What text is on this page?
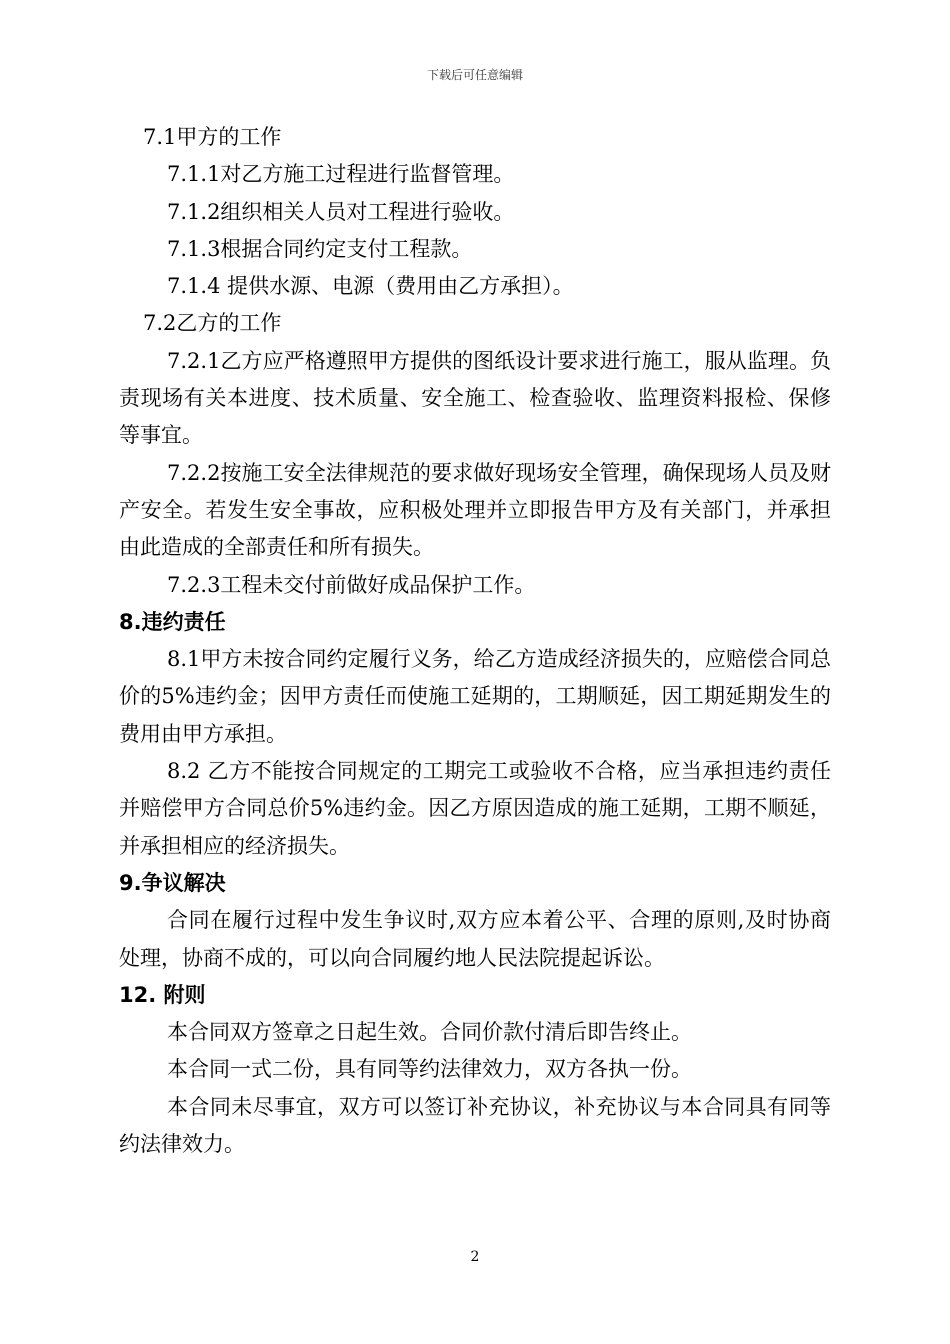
下载后可任意编辑

7.1甲方的工作

7.1.1对乙方施工过程进行监督管理。

7.1.2组织相关人员对工程进行验收。

7.1.3根据合同约定支付工程款。

7.1.4 提供水源、电源（费用由乙方承担）。

7.2乙方的工作

7.2.1乙方应严格遵照甲方提供的图纸设计要求进行施工，服从监理。负责现场有关本进度、技术质量、安全施工、检查验收、监理资料报检、保修等事宜。

7.2.2按施工安全法律规范的要求做好现场安全管理，确保现场人员及财产安全。若发生安全事故，应积极处理并立即报告甲方及有关部门，并承担由此造成的全部责任和所有损失。

7.2.3工程未交付前做好成品保护工作。

8.违约责任

8.1甲方未按合同约定履行义务，给乙方造成经济损失的，应赔偿合同总价的5%违约金；因甲方责任而使施工延期的，工期顺延，因工期延期发生的费用由甲方承担。

8.2 乙方不能按合同规定的工期完工或验收不合格，应当承担违约责任并赔偿甲方合同总价5%违约金。因乙方原因造成的施工延期，工期不顺延，并承担相应的经济损失。

9.争议解决

合同在履行过程中发生争议时,双方应本着公平、合理的原则,及时协商处理，协商不成的，可以向合同履约地人民法院提起诉讼。

12. 附则

本合同双方签章之日起生效。合同价款付清后即告终止。

本合同一式二份，具有同等约法律效力，双方各执一份。

本合同未尽事宜，双方可以签订补充协议，补充协议与本合同具有同等约法律效力。

2
